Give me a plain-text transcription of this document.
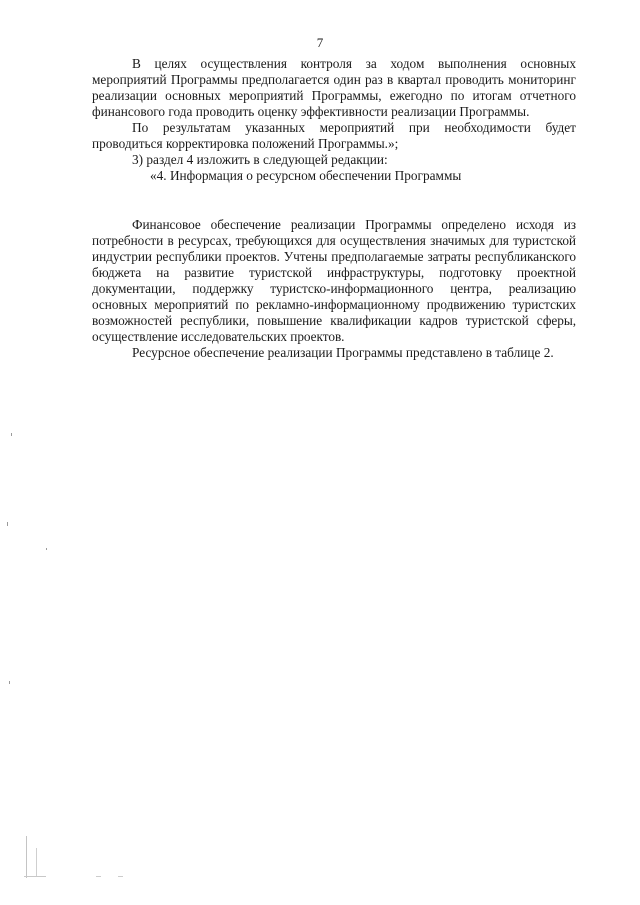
7

В целях осуществления контроля за ходом выполнения основных мероприятий Программы предполагается один раз в квартал проводить мониторинг реализации основных мероприятий Программы, ежегодно по итогам отчетного финансового года проводить оценку эффективности реализации Программы.

По результатам указанных мероприятий при необходимости будет проводиться корректировка положений Программы.»;

3) раздел 4 изложить в следующей редакции:

«4. Информация о ресурсном обеспечении Программы

Финансовое обеспечение реализации Программы определено исходя из потребности в ресурсах, требующихся для осуществления значимых для туристской индустрии республики проектов. Учтены предполагаемые затраты республиканского бюджета на развитие туристской инфраструктуры, подготовку проектной документации, поддержку туристско-информационного центра, реализацию основных мероприятий по рекламно-информационному продвижению туристских возможностей республики, повышение квалификации кадров туристской сферы, осуществление исследовательских проектов.

Ресурсное обеспечение реализации Программы представлено в таблице 2.
